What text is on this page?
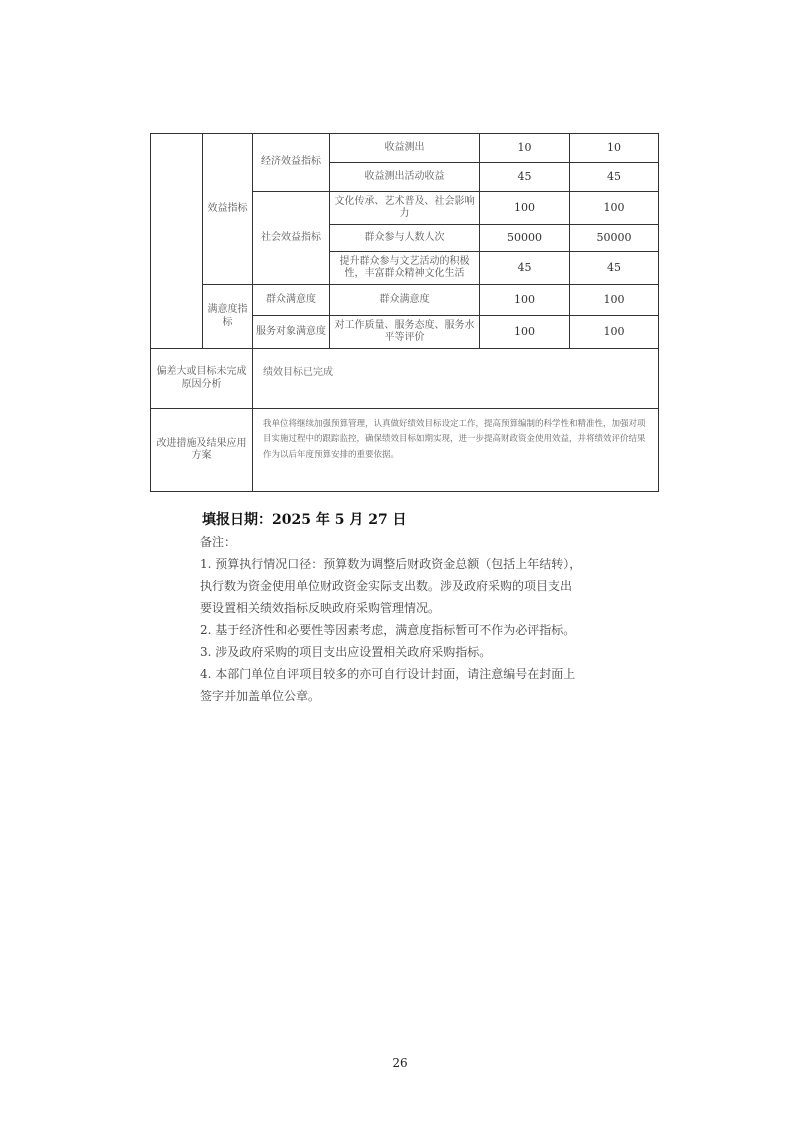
	效益指标	经济效益指标	收益测出	10	10
			收益测出活动收益	45	45
		社会效益指标	文化传承、艺术普及、社会影响力	100	100
			群众参与人数人次	50000	50000
			提升群众参与文艺活动的积极性，丰富群众精神文化生活	45	45
	满意度指标	群众满意度	群众满意度	100	100
		服务对象满意度	对工作质量、服务态度、服务水平等评价	100	100
偏差大或目标未完成原因分析		绩效目标已完成			
改进措施及结果应用方案		我单位将继续加强预算管理，认真做好绩效目标设定工作，提高预算编制的科学性和精准性，加强对项目实施过程中的跟踪监控，确保绩效目标如期实现，进一步提高财政资金使用效益，并将绩效评价结果作为以后年度预算安排的重要依据。			
填报日期：2025 年 5 月 27 日

备注：

1. 预算执行情况口径：预算数为调整后财政资金总额（包括上年结转），

执行数为资金使用单位财政资金实际支出数。涉及政府采购的项目支出

要设置相关绩效指标反映政府采购管理情况。

2. 基于经济性和必要性等因素考虑，满意度指标暂可不作为必评指标。

3. 涉及政府采购的项目支出应设置相关政府采购指标。

4. 本部门单位自评项目较多的亦可自行设计封面，请注意编号在封面上

签字并加盖单位公章。

26
